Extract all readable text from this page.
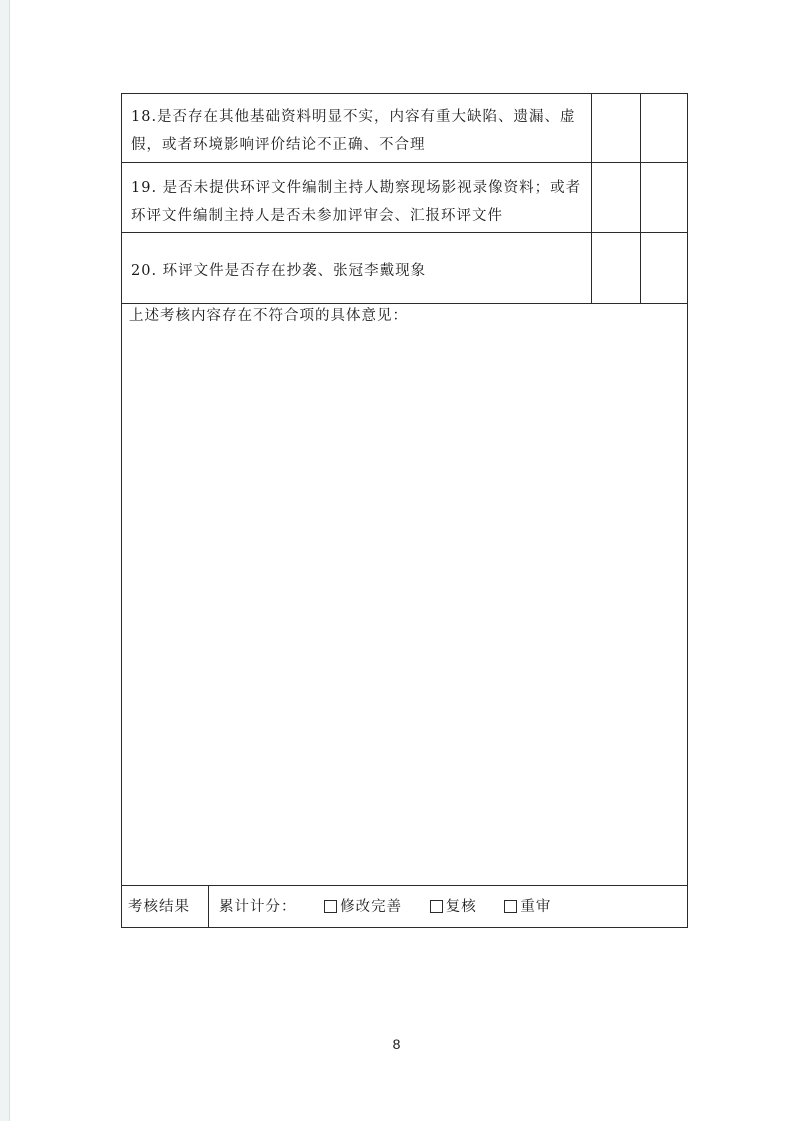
18.是否存在其他基础资料明显不实，内容有重大缺陷、遗漏、虚假，或者环境影响评价结论不正确、不合理
19. 是否未提供环评文件编制主持人勘察现场影视录像资料；或者环评文件编制主持人是否未参加评审会、汇报环评文件
20. 环评文件是否存在抄袭、张冠李戴现象
上述考核内容存在不符合项的具体意见：
考核结果 累计计分：	修改完善	复核	重审
8
